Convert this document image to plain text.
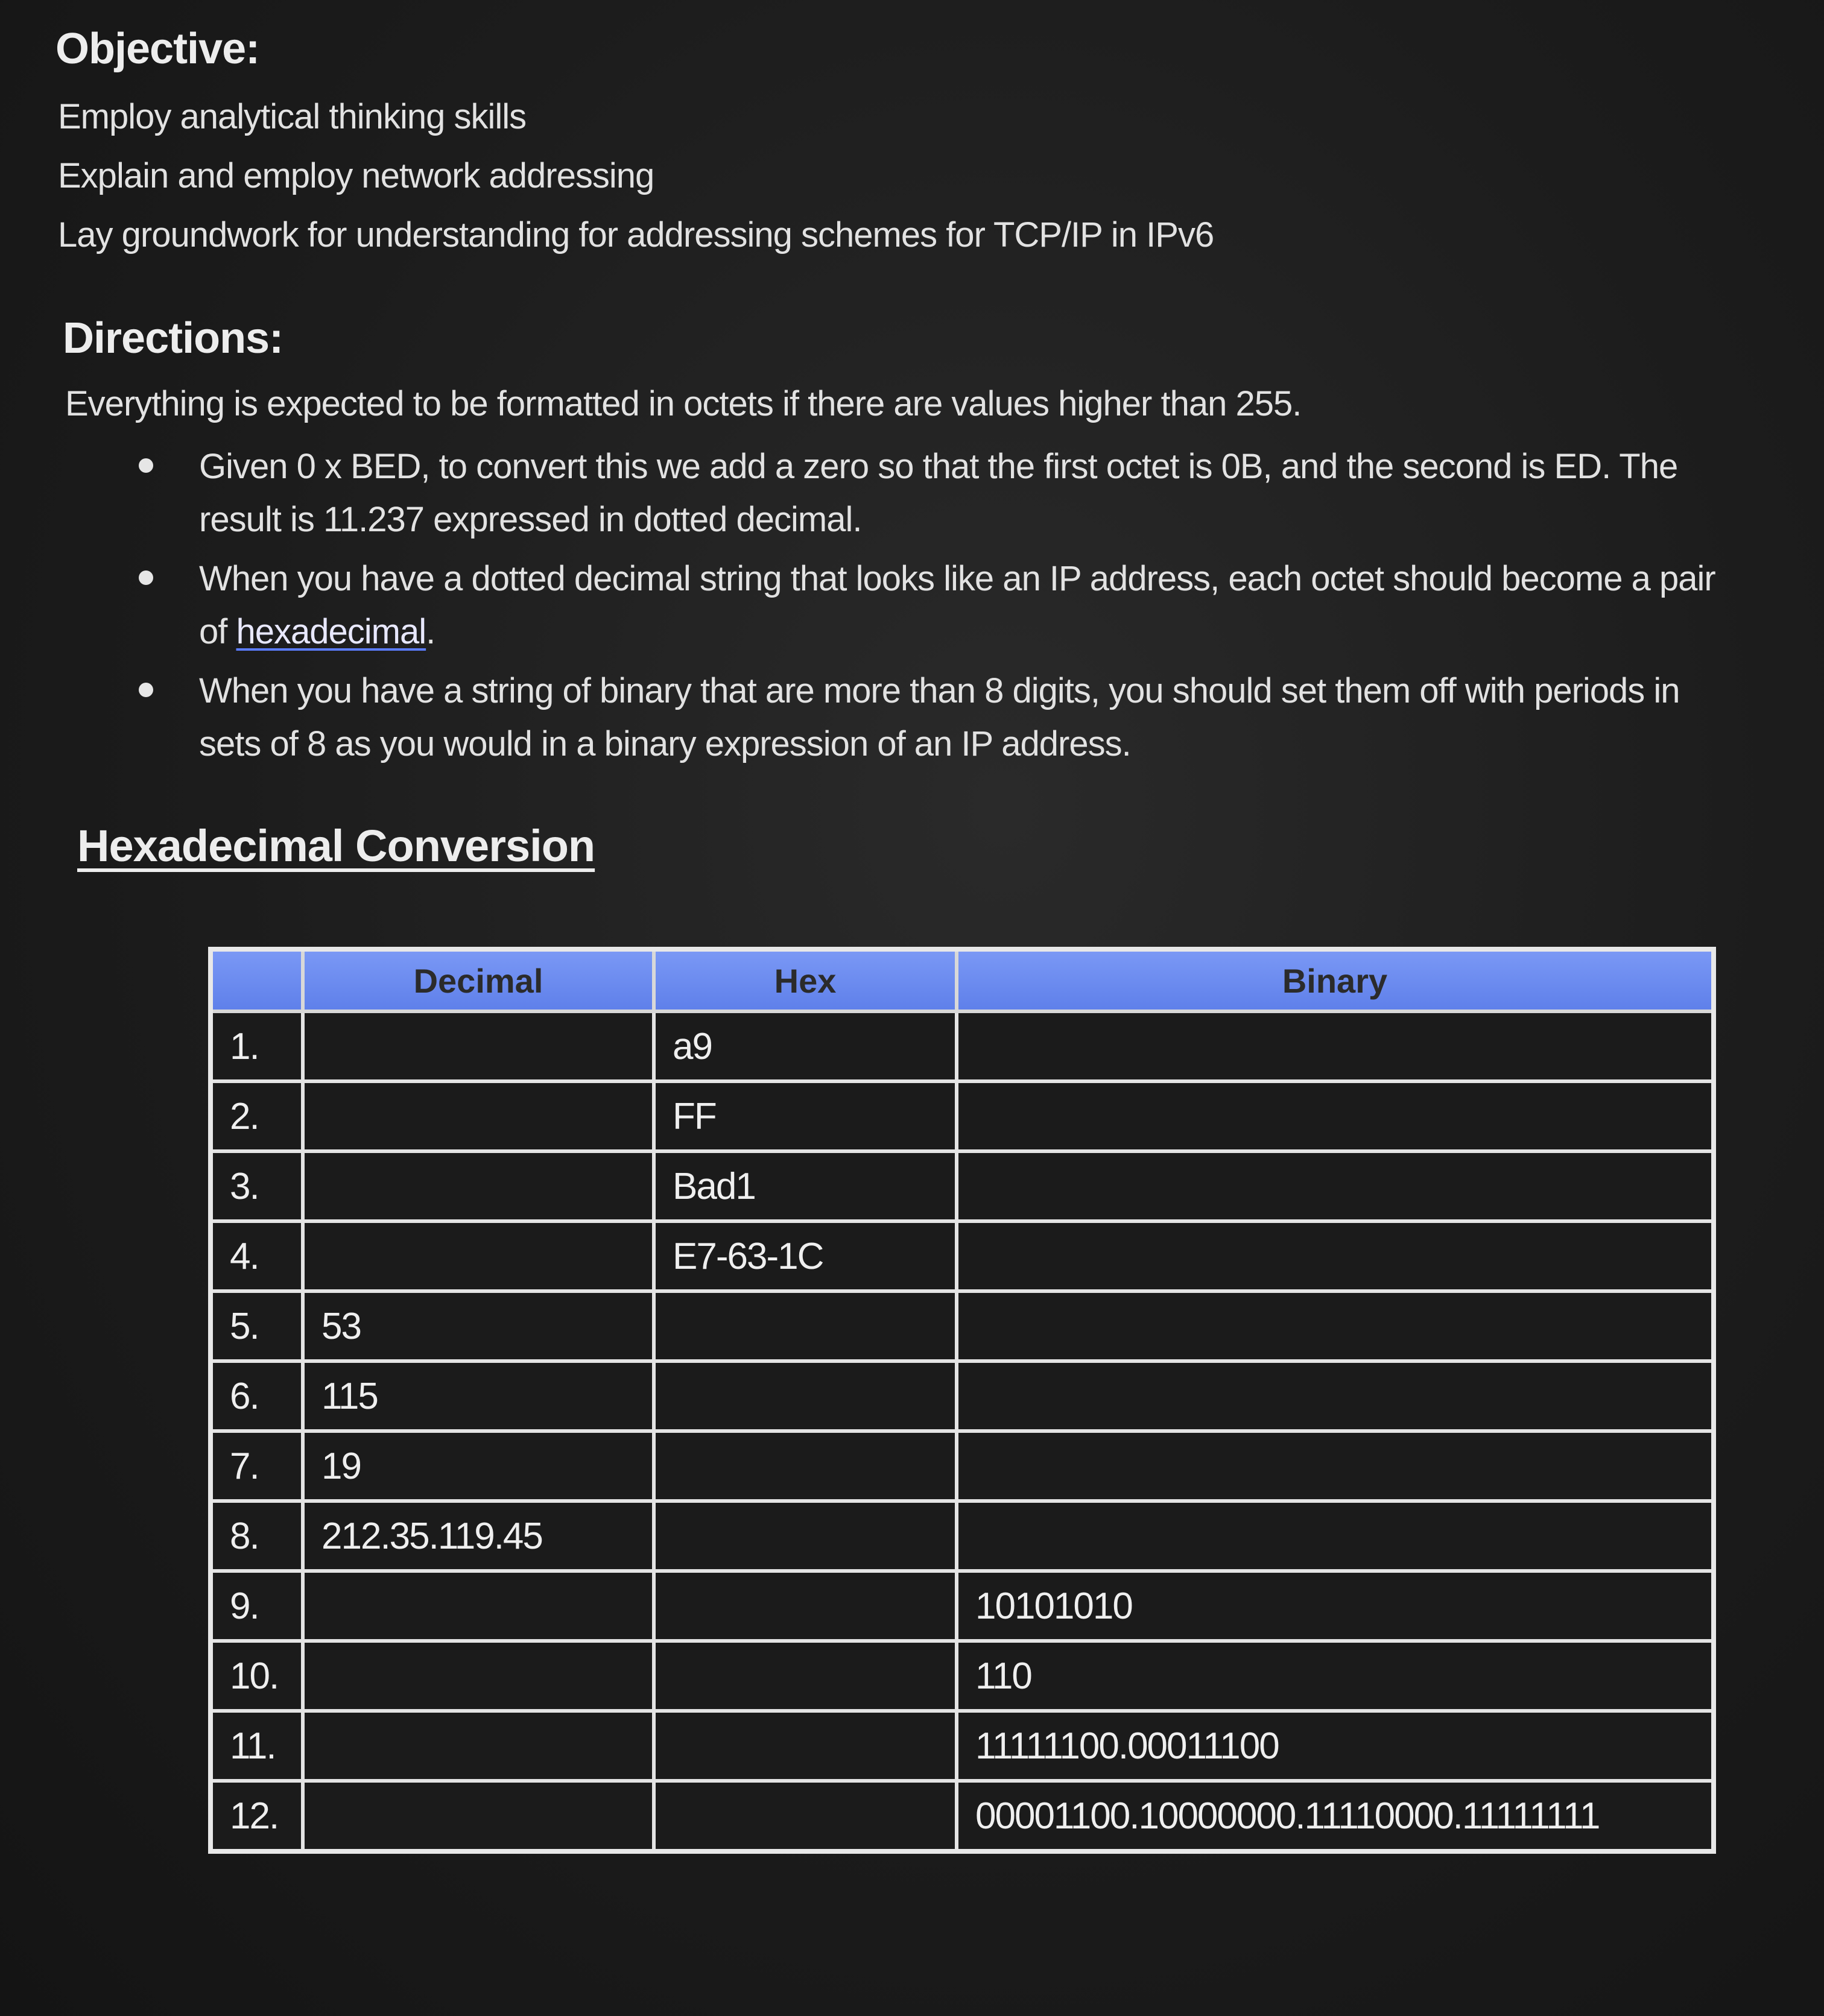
Objective:
Employ analytical thinking skills
Explain and employ network addressing
Lay groundwork for understanding for addressing schemes for TCP/IP in IPv6
Directions:
Everything is expected to be formatted in octets if there are values higher than 255.
Given 0 x BED, to convert this we add a zero so that the first octet is 0B, and the second is ED. The result is 11.237 expressed in dotted decimal.
When you have a dotted decimal string that looks like an IP address, each octet should become a pair of hexadecimal.
When you have a string of binary that are more than 8 digits, you should set them off with periods in sets of 8 as you would in a binary expression of an IP address.
Hexadecimal Conversion
	Decimal	Hex	Binary
1.		a9	
2.		FF	
3.		Bad1	
4.		E7-63-1C	
5.	53		
6.	115		
7.	19		
8.	212.35.119.45		
9.			10101010
10.			110
11.			11111100.00011100
12.			00001100.10000000.11110000.11111111
